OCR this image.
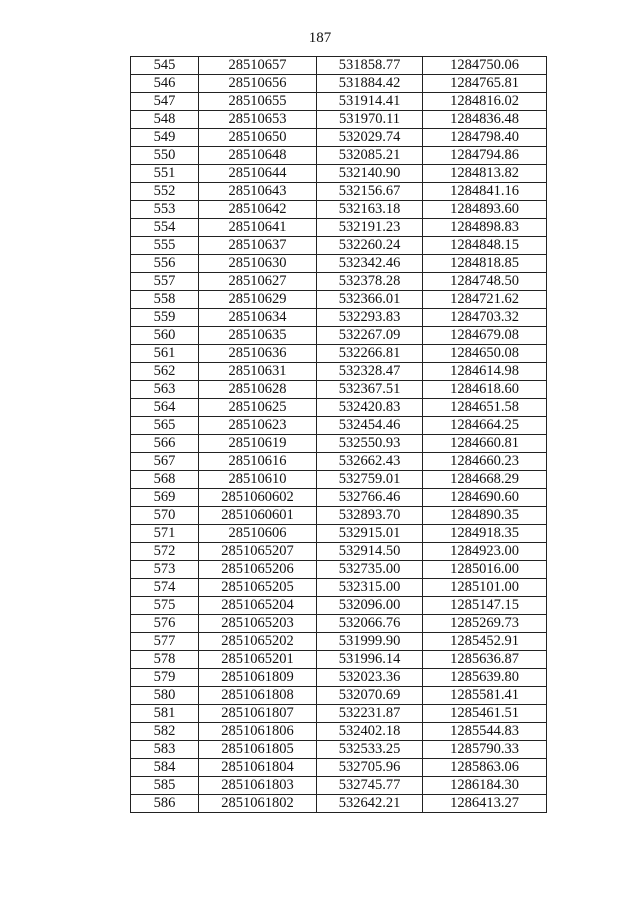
187
545	28510657	531858.77	1284750.06
546	28510656	531884.42	1284765.81
547	28510655	531914.41	1284816.02
548	28510653	531970.11	1284836.48
549	28510650	532029.74	1284798.40
550	28510648	532085.21	1284794.86
551	28510644	532140.90	1284813.82
552	28510643	532156.67	1284841.16
553	28510642	532163.18	1284893.60
554	28510641	532191.23	1284898.83
555	28510637	532260.24	1284848.15
556	28510630	532342.46	1284818.85
557	28510627	532378.28	1284748.50
558	28510629	532366.01	1284721.62
559	28510634	532293.83	1284703.32
560	28510635	532267.09	1284679.08
561	28510636	532266.81	1284650.08
562	28510631	532328.47	1284614.98
563	28510628	532367.51	1284618.60
564	28510625	532420.83	1284651.58
565	28510623	532454.46	1284664.25
566	28510619	532550.93	1284660.81
567	28510616	532662.43	1284660.23
568	28510610	532759.01	1284668.29
569	2851060602	532766.46	1284690.60
570	2851060601	532893.70	1284890.35
571	28510606	532915.01	1284918.35
572	2851065207	532914.50	1284923.00
573	2851065206	532735.00	1285016.00
574	2851065205	532315.00	1285101.00
575	2851065204	532096.00	1285147.15
576	2851065203	532066.76	1285269.73
577	2851065202	531999.90	1285452.91
578	2851065201	531996.14	1285636.87
579	2851061809	532023.36	1285639.80
580	2851061808	532070.69	1285581.41
581	2851061807	532231.87	1285461.51
582	2851061806	532402.18	1285544.83
583	2851061805	532533.25	1285790.33
584	2851061804	532705.96	1285863.06
585	2851061803	532745.77	1286184.30
586	2851061802	532642.21	1286413.27
